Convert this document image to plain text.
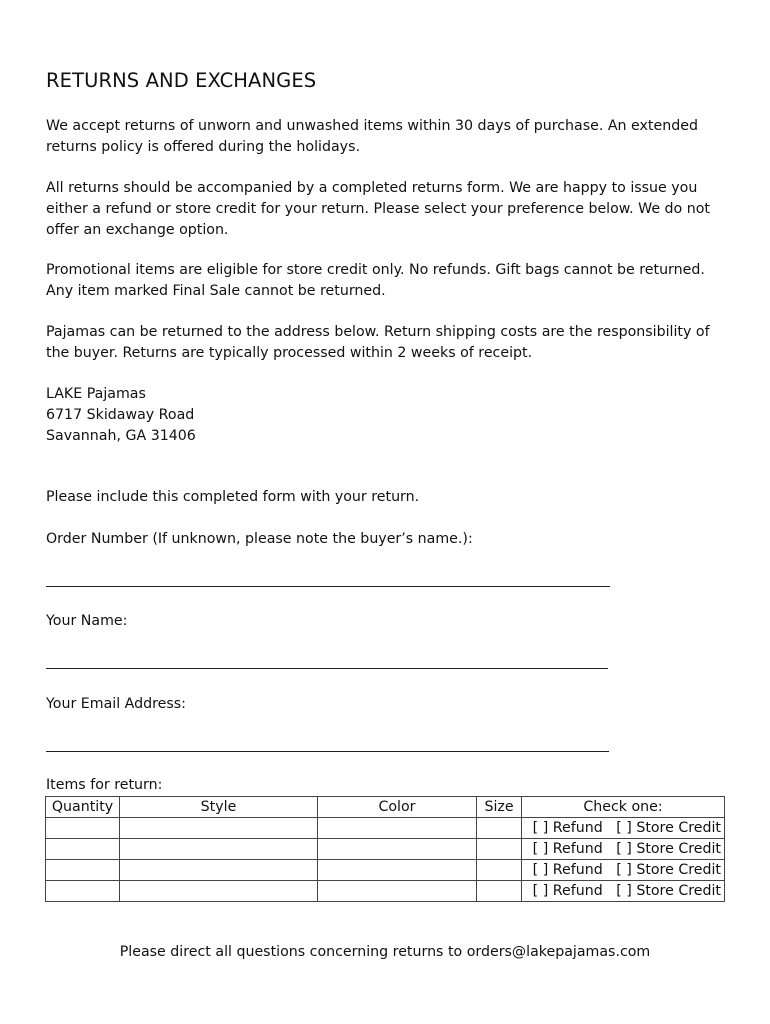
RETURNS AND EXCHANGES
We accept returns of unworn and unwashed items within 30 days of purchase. An extended returns policy is offered during the holidays.
All returns should be accompanied by a completed returns form. We are happy to issue you either a refund or store credit for your return. Please select your preference below. We do not offer an exchange option.
Promotional items are eligible for store credit only. No refunds. Gift bags cannot be returned. Any item marked Final Sale cannot be returned.
Pajamas can be returned to the address below. Return shipping costs are the responsibility of the buyer. Returns are typically processed within 2 weeks of receipt.
LAKE Pajamas
6717 Skidaway Road
Savannah, GA 31406
Please include this completed form with your return.
Order Number (If unknown, please note the buyer’s name.):
Your Name:
Your Email Address:
Items for return:
Quantity	Style	Color	Size	Check one:
				[ ] Refund   [ ] Store Credit
				[ ] Refund   [ ] Store Credit
				[ ] Refund   [ ] Store Credit
				[ ] Refund   [ ] Store Credit
Please direct all questions concerning returns to orders@lakepajamas.com
